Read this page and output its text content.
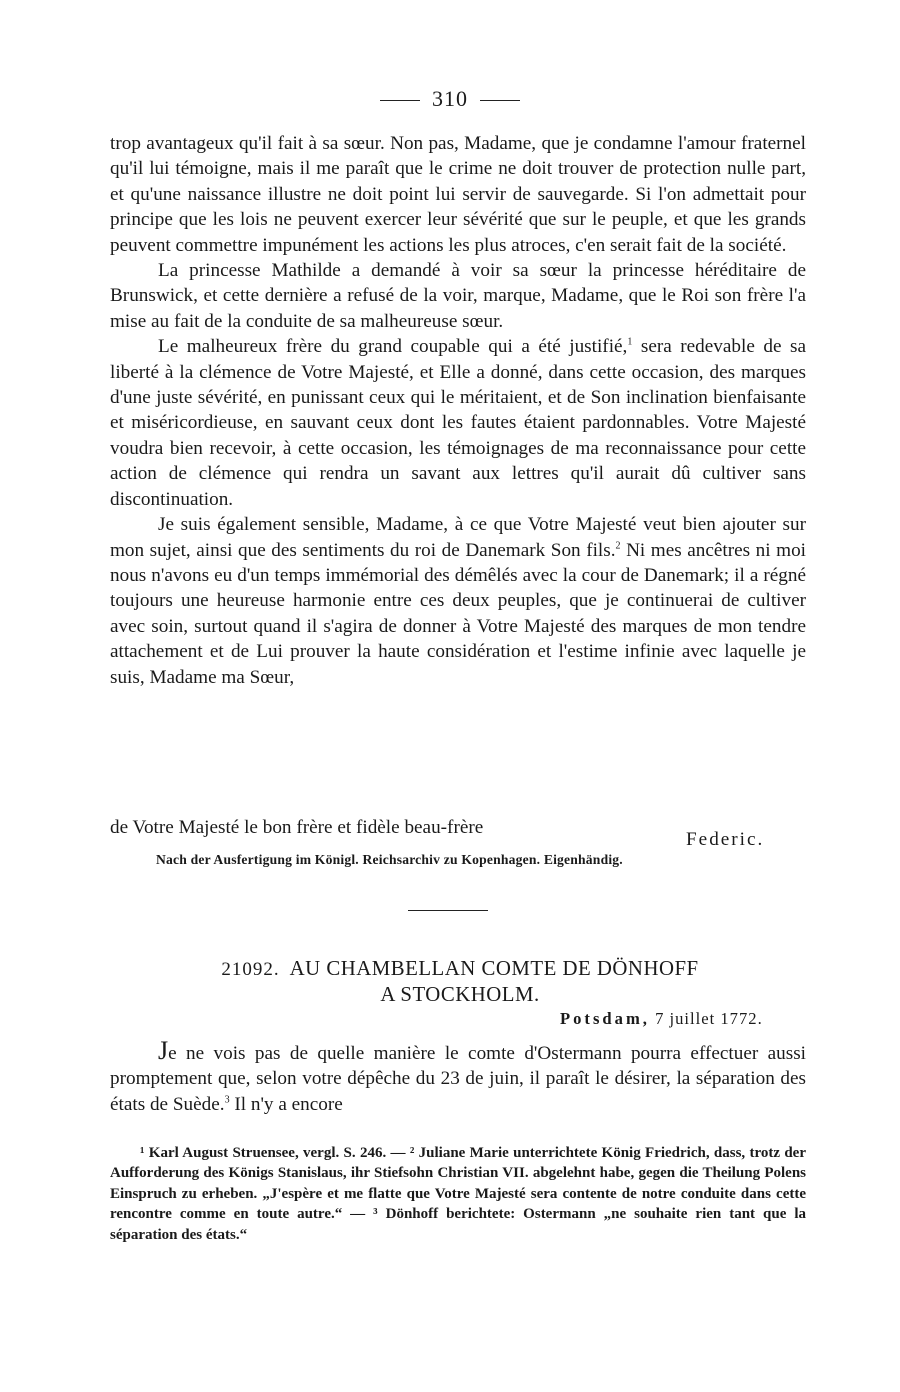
310

trop avantageux qu'il fait à sa sœur. Non pas, Madame, que je condamne l'amour fraternel qu'il lui témoigne, mais il me paraît que le crime ne doit trouver de protection nulle part, et qu'une naissance illustre ne doit point lui servir de sauvegarde. Si l'on admettait pour principe que les lois ne peuvent exercer leur sévérité que sur le peuple, et que les grands peuvent commettre impunément les actions les plus atroces, c'en serait fait de la société.

La princesse Mathilde a demandé à voir sa sœur la princesse héréditaire de Brunswick, et cette dernière a refusé de la voir, marque, Madame, que le Roi son frère l'a mise au fait de la conduite de sa malheureuse sœur.

Le malheureux frère du grand coupable qui a été justifié,$^1$ sera redevable de sa liberté à la clémence de Votre Majesté, et Elle a donné, dans cette occasion, des marques d'une juste sévérité, en punissant ceux qui le méritaient, et de Son inclination bienfaisante et miséricordieuse, en sauvant ceux dont les fautes étaient pardonnables. Votre Majesté voudra bien recevoir, à cette occasion, les témoignages de ma reconnaissance pour cette action de clémence qui rendra un savant aux lettres qu'il aurait dû cultiver sans discontinuation.

Je suis également sensible, Madame, à ce que Votre Majesté veut bien ajouter sur mon sujet, ainsi que des sentiments du roi de Danemark Son fils.$^2$ Ni mes ancêtres ni moi nous n'avons eu d'un temps immémorial des démêlés avec la cour de Danemark; il a régné toujours une heureuse harmonie entre ces deux peuples, que je continuerai de cultiver avec soin, surtout quand il s'agira de donner à Votre Majesté des marques de mon tendre attachement et de Lui prouver la haute considération et l'estime infinie avec laquelle je suis, Madame ma Sœur,

de Votre Majesté le bon frère et fidèle beau-frère
Federic.
Nach der Ausfertigung im Königl. Reichsarchiv zu Kopenhagen. Eigenhändig.
21092. AU CHAMBELLAN COMTE DE DÖNHOFF
A STOCKHOLM.
Potsdam, 7 juillet 1772.

Je ne vois pas de quelle manière le comte d'Ostermann pourra effectuer aussi promptement que, selon votre dépêche du 23 de juin, il paraît le désirer, la séparation des états de Suède.$^3$ Il n'y a encore

¹ Karl August Struensee, vergl. S. 246. — ² Juliane Marie unterrichtete König Friedrich, dass, trotz der Aufforderung des Königs Stanislaus, ihr Stiefsohn Christian VII. abgelehnt habe, gegen die Theilung Polens Einspruch zu erheben. „J'espère et me flatte que Votre Majesté sera contente de notre conduite dans cette rencontre comme en toute autre.“ — ³ Dönhoff berichtete: Ostermann „ne souhaite rien tant que la séparation des états.“
